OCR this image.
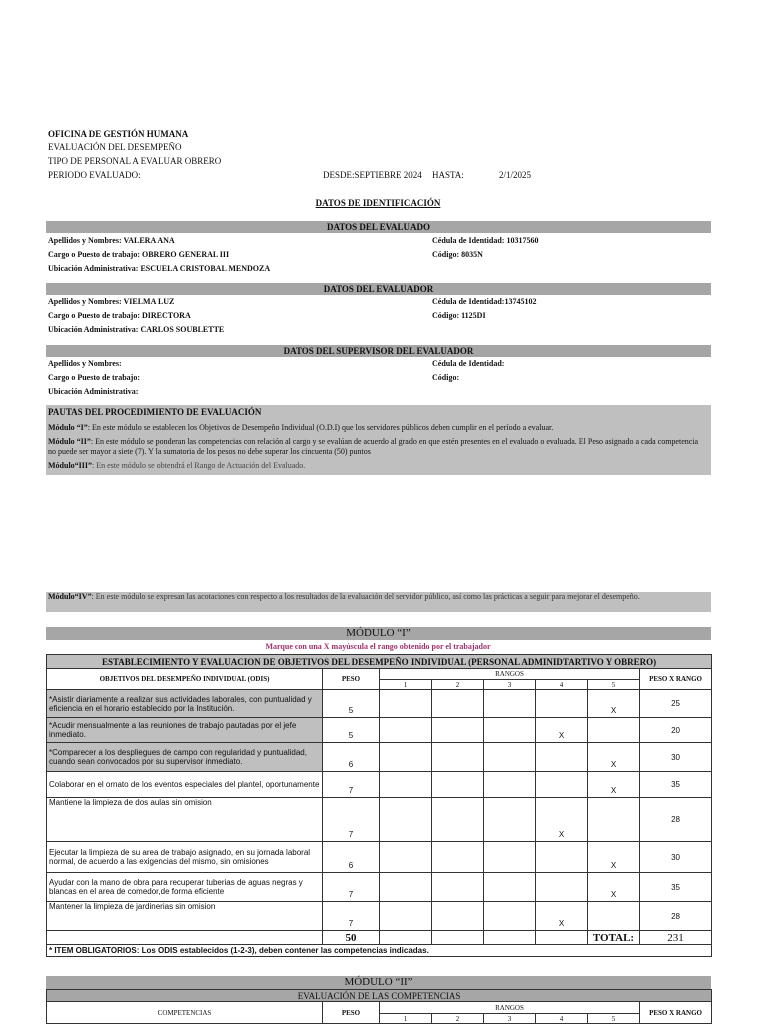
OFICINA DE GESTIÓN HUMANA
EVALUACIÓN DEL DESEMPEÑO
TIPO DE PERSONAL A EVALUAR OBRERO
PERIODO EVALUADO:	DESDE:SEPTIEBRE 2024 HASTA:	2/1/2025
DATOS DE IDENTIFICACIÓN
DATOS DEL EVALUADO
Apellidos y Nombres: VALERA ANA
Cargo o Puesto de trabajo: OBRERO GENERAL III
Ubicación Administrativa: ESCUELA CRISTOBAL MENDOZA
Cédula de Identidad: 10317560
Código: 8035N
DATOS DEL EVALUADOR
Apellidos y Nombres: VIELMA LUZ
Cargo o Puesto de trabajo: DIRECTORA
Ubicación Administrativa: CARLOS SOUBLETTE
Cédula de Identidad:13745102
Código: 1125DI
DATOS DEL SUPERVISOR DEL EVALUADOR
Apellidos y Nombres:
Cargo o Puesto de trabajo:
Ubicación Administrativa:
Cédula de Identidad:
Código:
PAUTAS DEL PROCEDIMIENTO DE EVALUACIÓN
Módulo “I”: En este módulo se establecen los Objetivos de Desempeño Individual (O.D.I) que los servidores públicos deben cumplir en el período a evaluar.
Módulo “II”: En este módulo se ponderan las competencias con relación al cargo y se evalúan de acuerdo al grado en que estén presentes en el evaluado o evaluada. El Peso asignado a cada competencia no puede ser mayor a siete (7). Y la sumatoria de los pesos no debe superar los cincuenta (50) puntos
Módulo“III”: En este módulo se obtendrá el Rango de Actuación del Evaluado.
Módulo“IV”: En este módulo se expresan las acotaciones con respecto a los resultados de la evaluación del servidor público, así como las prácticas a seguir para mejorar el desempeño.
MÓDULO “I”
Marque con una X mayúscula el rango obtenido por el trabajador
ESTABLECIMIENTO Y EVALUACION DE OBJETIVOS DEL DESEMPEÑO INDIVIDUAL (PERSONAL ADMINIDTARTIVO Y OBRERO)							
OBJETIVOS DEL DESEMPEÑO INDIVIDUAL (ODIS)	PESO	RANGOS					PESO X RANGO
		1	2	3	4	5	
*Asistir diariamente a realizar sus actividades laborales, con puntualidad y eficiencia en el horario establecido por la Institución.	5					X	25
*Acudir mensualmente a las reuniones de trabajo pautadas por el jefe inmediato.	5				X		20
*Comparecer a los despliegues de campo con regularidad y puntualidad, cuando sean convocados por su supervisor inmediato.	6					X	30
Colaborar en el ornato de los eventos especiales del plantel, oportunamente	7					X	35
Mantiene la limpieza de dos aulas sin omision	7				X		28
Ejecutar la limpieza de su area de trabajo asignado, en su jornada laboral normal, de acuerdo a las exigencias del mismo, sin omisiones	6					X	30
Ayudar con la mano de obra para recuperar tuberias de aguas negras y blancas en el area de comedor,de forma eficiente	7					X	35
Mantener la limpieza de jardinerias sin omision	7				X		28
	50					TOTAL:	231
* ITEM OBLIGATORIOS: Los ODIS establecidos (1-2-3), deben contener las competencias indicadas.							
MÓDULO “II”
EVALUACIÓN DE LAS COMPETENCIAS							
COMPETENCIAS	PESO	RANGOS					PESO X RANGO
		1	2	3	4	5	
